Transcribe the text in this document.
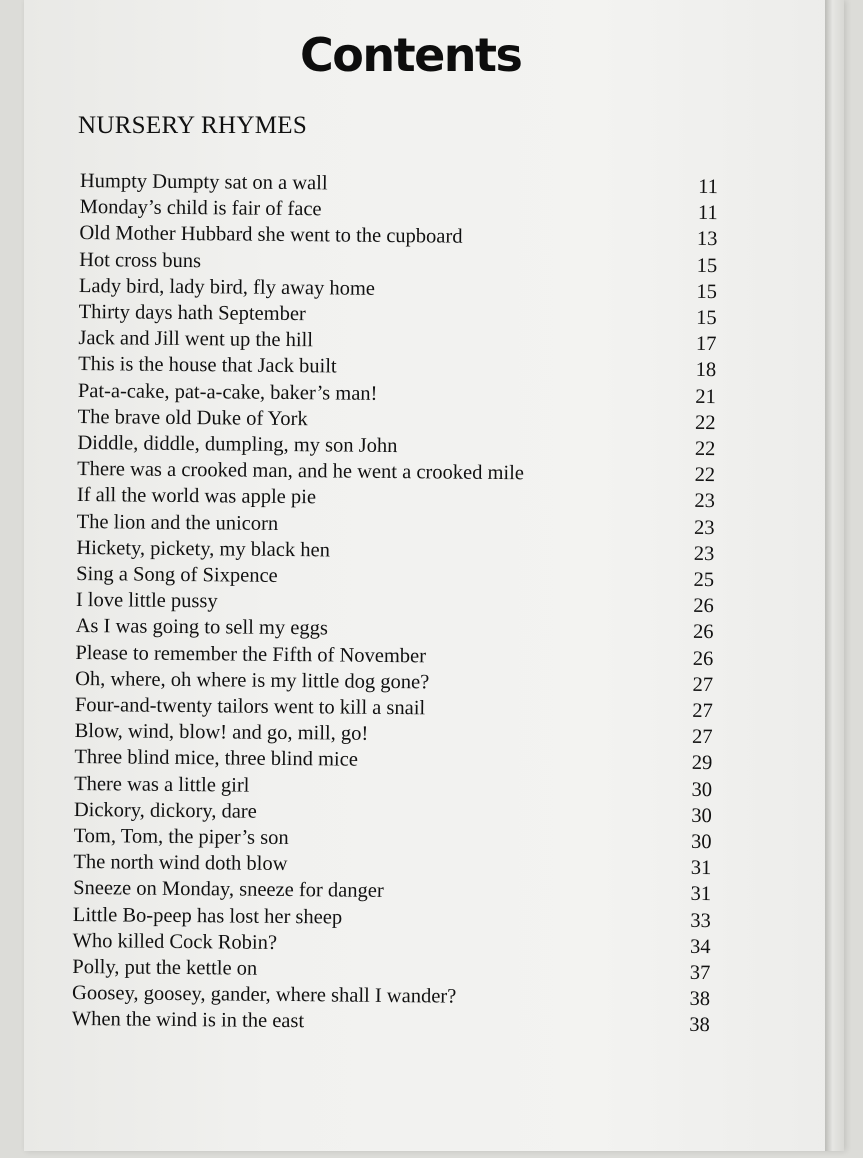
Contents
NURSERY RHYMES
Humpty Dumpty sat on a wall	11
Monday’s child is fair of face	11
Old Mother Hubbard she went to the cupboard	13
Hot cross buns	15
Lady bird, lady bird, fly away home	15
Thirty days hath September	15
Jack and Jill went up the hill	17
This is the house that Jack built	18
Pat-a-cake, pat-a-cake, baker’s man!	21
The brave old Duke of York	22
Diddle, diddle, dumpling, my son John	22
There was a crooked man, and he went a crooked mile	22
If all the world was apple pie	23
The lion and the unicorn	23
Hickety, pickety, my black hen	23
Sing a Song of Sixpence	25
I love little pussy	26
As I was going to sell my eggs	26
Please to remember the Fifth of November	26
Oh, where, oh where is my little dog gone?	27
Four-and-twenty tailors went to kill a snail	27
Blow, wind, blow! and go, mill, go!	27
Three blind mice, three blind mice	29
There was a little girl	30
Dickory, dickory, dare	30
Tom, Tom, the piper’s son	30
The north wind doth blow	31
Sneeze on Monday, sneeze for danger	31
Little Bo-peep has lost her sheep	33
Who killed Cock Robin?	34
Polly, put the kettle on	37
Goosey, goosey, gander, where shall I wander?	38
When the wind is in the east	38
